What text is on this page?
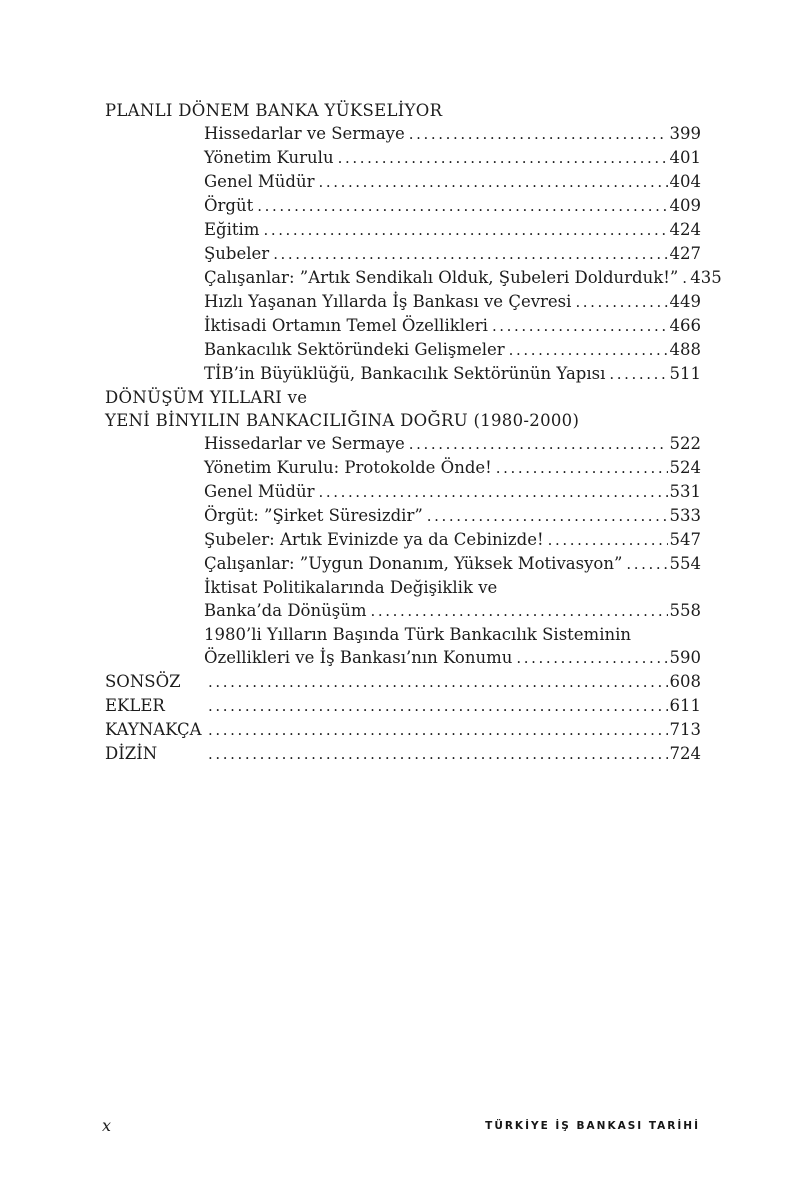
PLANLI DÖNEM BANKA YÜKSELİYOR
Hissedarlar ve Sermaye .....	399
Yönetim Kurulu .....	401
Genel Müdür .....	404
Örgüt .....	409
Eğitim .....	424
Şubeler .....	427
Çalışanlar: ”Artık Sendikalı Olduk, Şubeleri Doldurduk!” ..... 435
Hızlı Yaşanan Yıllarda İş Bankası ve Çevresi .....	449
İktisadi Ortamın Temel Özellikleri .....	466
Bankacılık Sektöründeki Gelişmeler .....	488
TİB’in Büyüklüğü, Bankacılık Sektörünün Yapısı .....	511
DÖNÜŞÜM YILLARI ve
YENİ BİNYILIN BANKACILIĞINA DOĞRU (1980-2000)
Hissedarlar ve Sermaye .....	522
Yönetim Kurulu: Protokolde Önde! .....	524
Genel Müdür .....	531
Örgüt: ”Şirket Süresizdir” .....	533
Şubeler: Artık Evinizde ya da Cebinizde! .....	547
Çalışanlar: ”Uygun Donanım, Yüksek Motivasyon” .....	554
İktisat Politikalarında Değişiklik ve
Banka’da Dönüşüm .....	558
1980’li Yılların Başında Türk Bankacılık Sisteminin
Özellikleri ve İş Bankası’nın Konumu .....	590
SONSÖZ .....	608
EKLER .....	611
KAYNAKÇA .....	713
DİZİN .....	724
x	TÜRKİYE İŞ BANKASI TARİHİ
